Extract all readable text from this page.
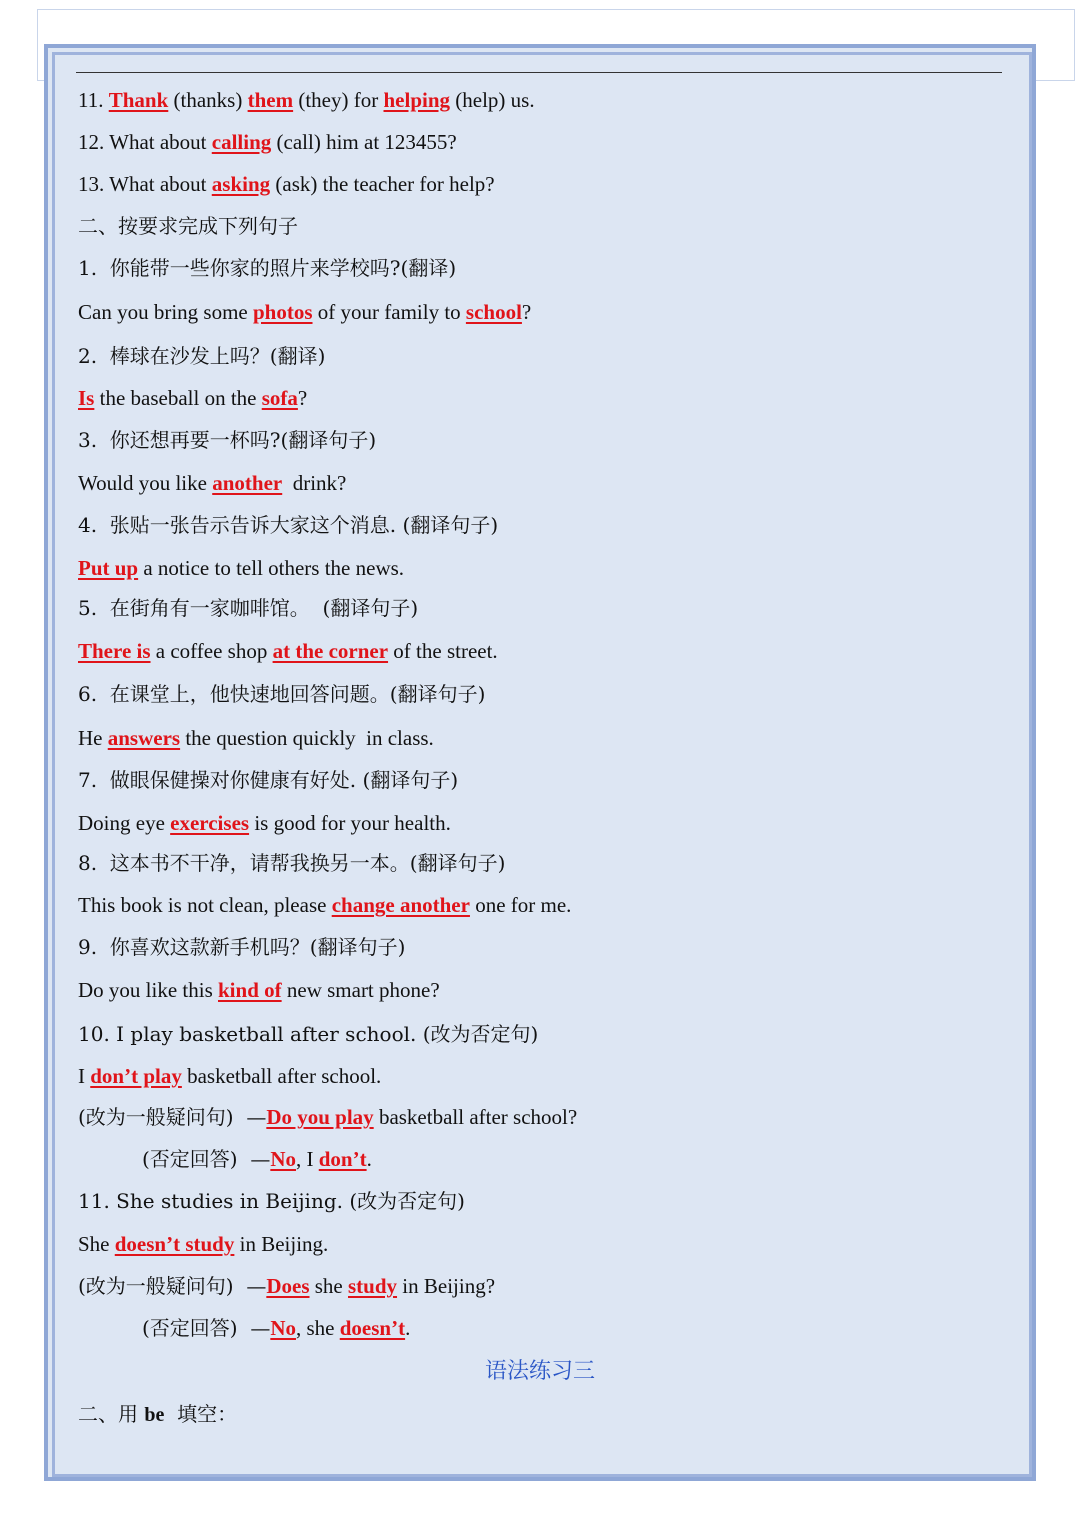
11. Thank (thanks) them (they) for helping (help) us.
12. What about calling (call) him at 123455?
13. What about asking (ask) the teacher for help?
二、按要求完成下列句子
1.  你能带一些你家的照片来学校吗?(翻译)
Can you bring some photos of your family to school?
2.  棒球在沙发上吗？(翻译)
Is the baseball on the sofa?
3.  你还想再要一杯吗?(翻译句子)
Would you like another  drink?
4.  张贴一张告示告诉大家这个消息. (翻译句子)
Put up a notice to tell others the news.
5.  在街角有一家咖啡馆。  (翻译句子)
There is a coffee shop at the corner of the street.
6.  在课堂上，他快速地回答问题。(翻译句子)
He answers the question quickly  in class.
7.  做眼保健操对你健康有好处. (翻译句子)
Doing eye exercises is good for your health.
8.  这本书不干净，请帮我换另一本。(翻译句子)
This book is not clean, please change another one for me.
9.  你喜欢这款新手机吗？(翻译句子)
Do you like this kind of new smart phone?
10. I play basketball after school. (改为否定句)
I don’t play basketball after school.
(改为一般疑问句)  —Do you play basketball after school?
(否定回答)  —No, I don’t.
11. She studies in Beijing. (改为否定句)
She doesn’t study in Beijing.
(改为一般疑问句)  —Does she study in Beijing?
(否定回答)  —No, she doesn’t.
语法练习三
二、用 be  填空：
